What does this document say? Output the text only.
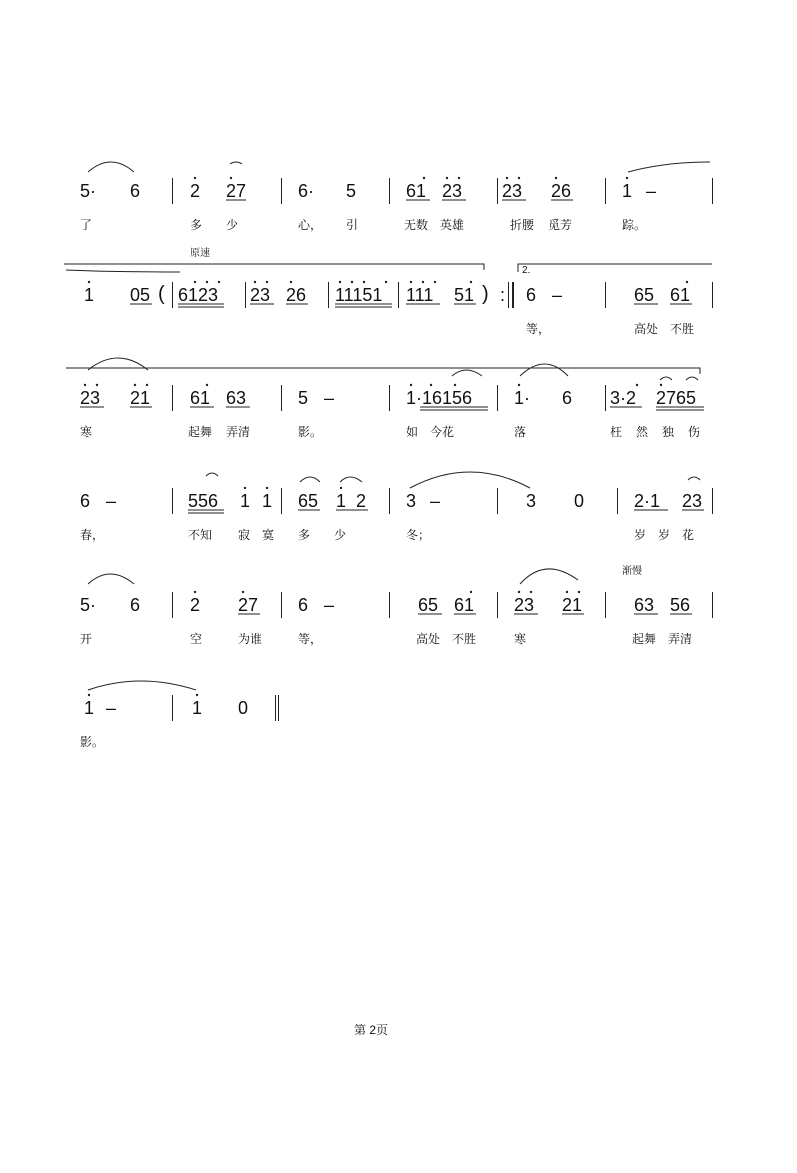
5· 6	2 27	6· 5	61 23 23 26	1 –
了	多 少	心， 引	无数 英雄	折腰 觅芳	踪。
原速
2.
1 05 ( 6123 23 26 11151 111 51 ) : 6 –	65 61
等，	高处 不胜
23 21 61 63	5 –	1·16156 1· 6 3·2 2765
寒	起舞 弄清	影。	如 今花	落	枉 然 独 伤
6 –	556 1 1 65 1 2 3 –	3 0	2·1 23
春，	不知 寂 寞 多 少	冬；	岁 岁 花
渐慢
5· 6	2 27 6 –	65 61 23 21	63 56
开	空	为谁	等，	高处 不胜	寒	起舞 弄清
1 –	1 0
影。
第 2页
